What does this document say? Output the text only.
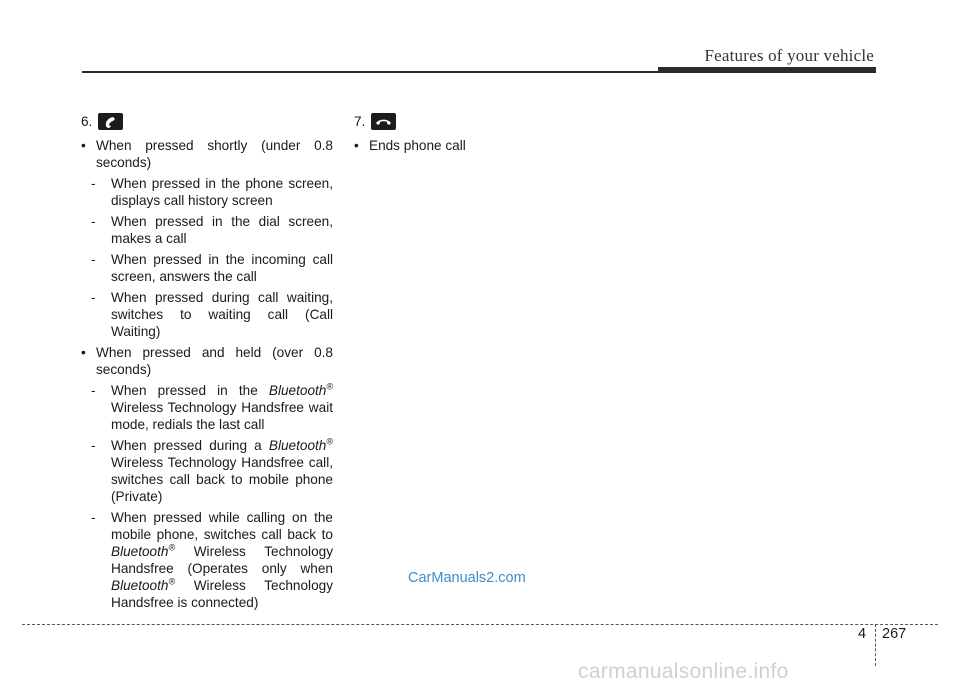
Features of your vehicle
6.
• When pressed shortly (under 0.8 seconds)
- When pressed in the phone screen, displays call history screen
- When pressed in the dial screen, makes a call
- When pressed in the incoming call screen, answers the call
- When pressed during call waiting, switches to waiting call (Call Waiting)
• When pressed and held (over 0.8 seconds)
- When pressed in the Bluetooth® Wireless Technology Handsfree wait mode, redials the last call
- When pressed during a Bluetooth® Wireless Technology Handsfree call, switches call back to mobile phone (Private)
- When pressed while calling on the mobile phone, switches call back to Bluetooth® Wireless Technology Handsfree (Operates only when Bluetooth® Wireless Technology Handsfree is connected)
7.
• Ends phone call
CarManuals2.com
4 267
carmanualsonline.info
